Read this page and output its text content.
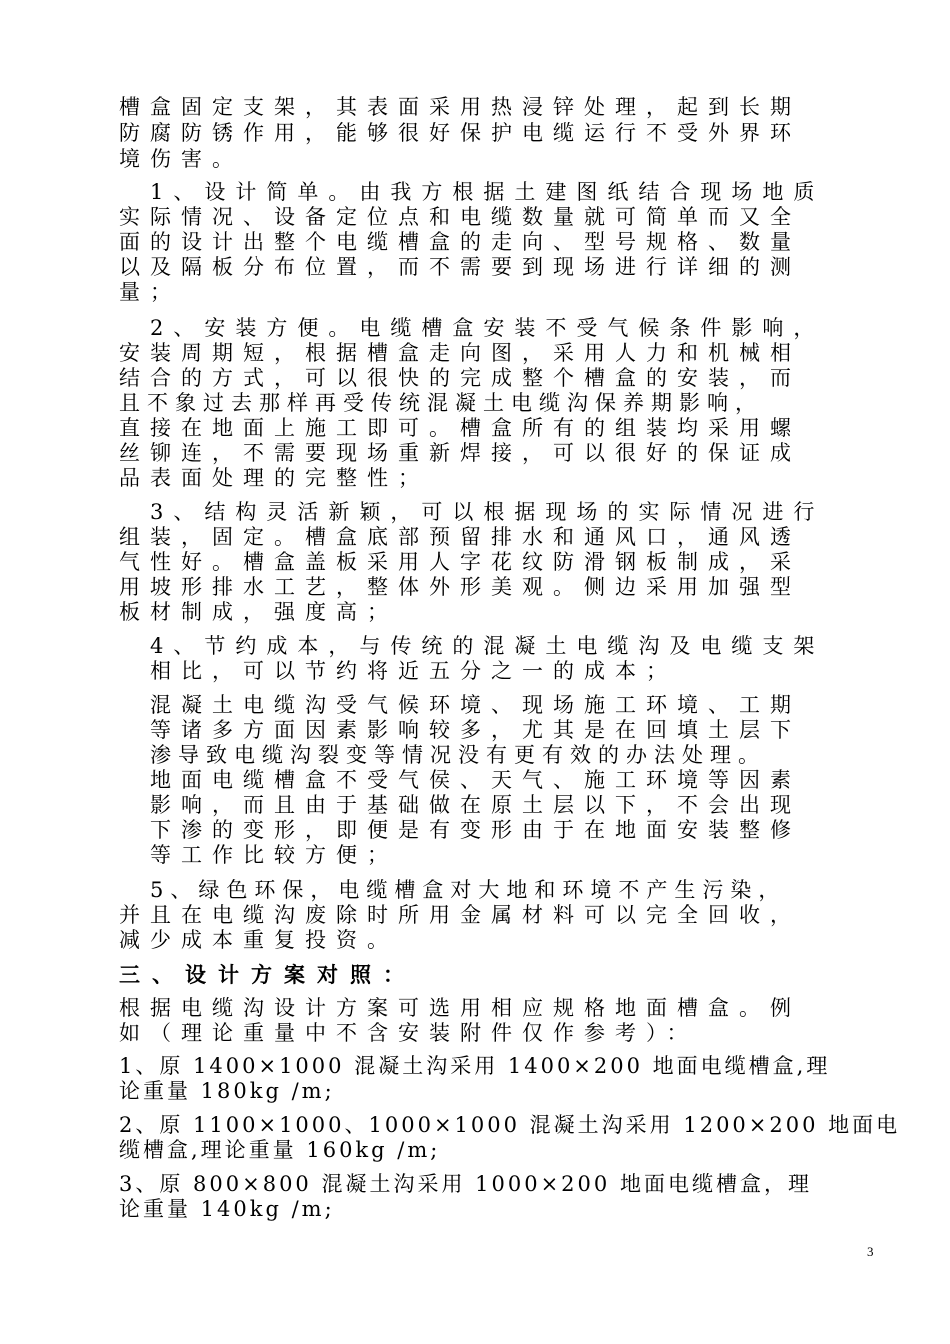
槽盒固定支架，其表面采用热浸锌处理，起到长期
防腐防锈作用，能够很好保护电缆运行不受外界环
境伤害。
1、设计简单。由我方根据土建图纸结合现场地质
实际情况、设备定位点和电缆数量就可简单而又全
面的设计出整个电缆槽盒的走向、型号规格、数量
以及隔板分布位置，而不需要到现场进行详细的测
量；
2、安装方便。电缆槽盒安装不受气候条件影响，
安装周期短，根据槽盒走向图，采用人力和机械相
结合的方式，可以很快的完成整个槽盒的安装，而
且不象过去那样再受传统混凝土电缆沟保养期影响，
直接在地面上施工即可。槽盒所有的组装均采用螺
丝铆连，不需要现场重新焊接，可以很好的保证成
品表面处理的完整性；
3、结构灵活新颖，可以根据现场的实际情况进行
组装，固定。槽盒底部预留排水和通风口，通风透
气性好。槽盒盖板采用人字花纹防滑钢板制成，采
用坡形排水工艺，整体外形美观。侧边采用加强型
板材制成，强度高；
4、节约成本，与传统的混凝土电缆沟及电缆支架
相比，可以节约将近五分之一的成本；
混凝土电缆沟受气候环境、现场施工环境、工期
等诸多方面因素影响较多，尤其是在回填土层下
渗导致电缆沟裂变等情况没有更有效的办法处理。
地面电缆槽盒不受气侯、天气、施工环境等因素
影响，而且由于基础做在原土层以下，不会出现
下渗的变形，即便是有变形由于在地面安装整修
等工作比较方便；
5、绿色环保，电缆槽盒对大地和环境不产生污染，
并且在电缆沟废除时所用金属材料可以完全回收，
减少成本重复投资。
三、设计方案对照：
根据电缆沟设计方案可选用相应规格地面槽盒。例
如（理论重量中不含安装附件仅作参考）：
1、原 1400×1000 混凝土沟采用 1400×200 地面电缆槽盒,理
论重量 180kg /m;
2、原 1100×1000、1000×1000 混凝土沟采用 1200×200 地面电
缆槽盒,理论重量 160kg /m;
3、原 800×800 混凝土沟采用 1000×200 地面电缆槽盒，理
论重量 140kg /m;
3
